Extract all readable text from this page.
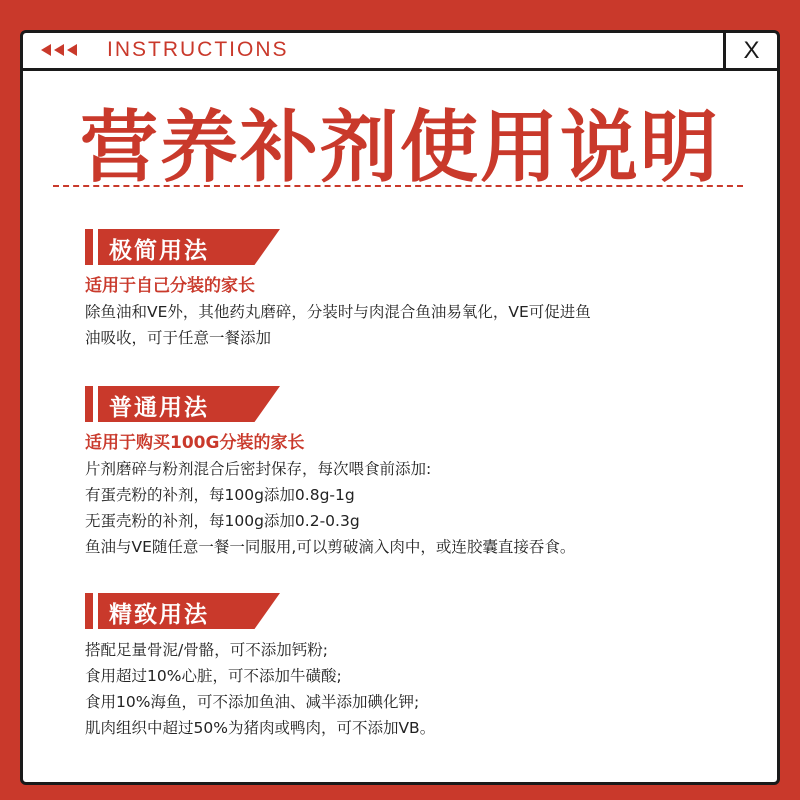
INSTRUCTIONS	X
营养补剂使用说明
极简用法
适用于自己分装的家长
除鱼油和VE外，其他药丸磨碎，分装时与肉混合鱼油易氧化，VE可促进鱼
油吸收，可于任意一餐添加
普通用法
适用于购买100G分装的家长
片剂磨碎与粉剂混合后密封保存，每次喂食前添加:
有蛋壳粉的补剂，每100g添加0.8g-1g
无蛋壳粉的补剂，每100g添加0.2-0.3g
鱼油与VE随任意一餐一同服用,可以剪破滴入肉中，或连胶囊直接吞食。
精致用法
搭配足量骨泥/骨骼，可不添加钙粉;
食用超过10%心脏，可不添加牛磺酸;
食用10%海鱼，可不添加鱼油、减半添加碘化钾;
肌肉组织中超过50%为猪肉或鸭肉，可不添加VB。
